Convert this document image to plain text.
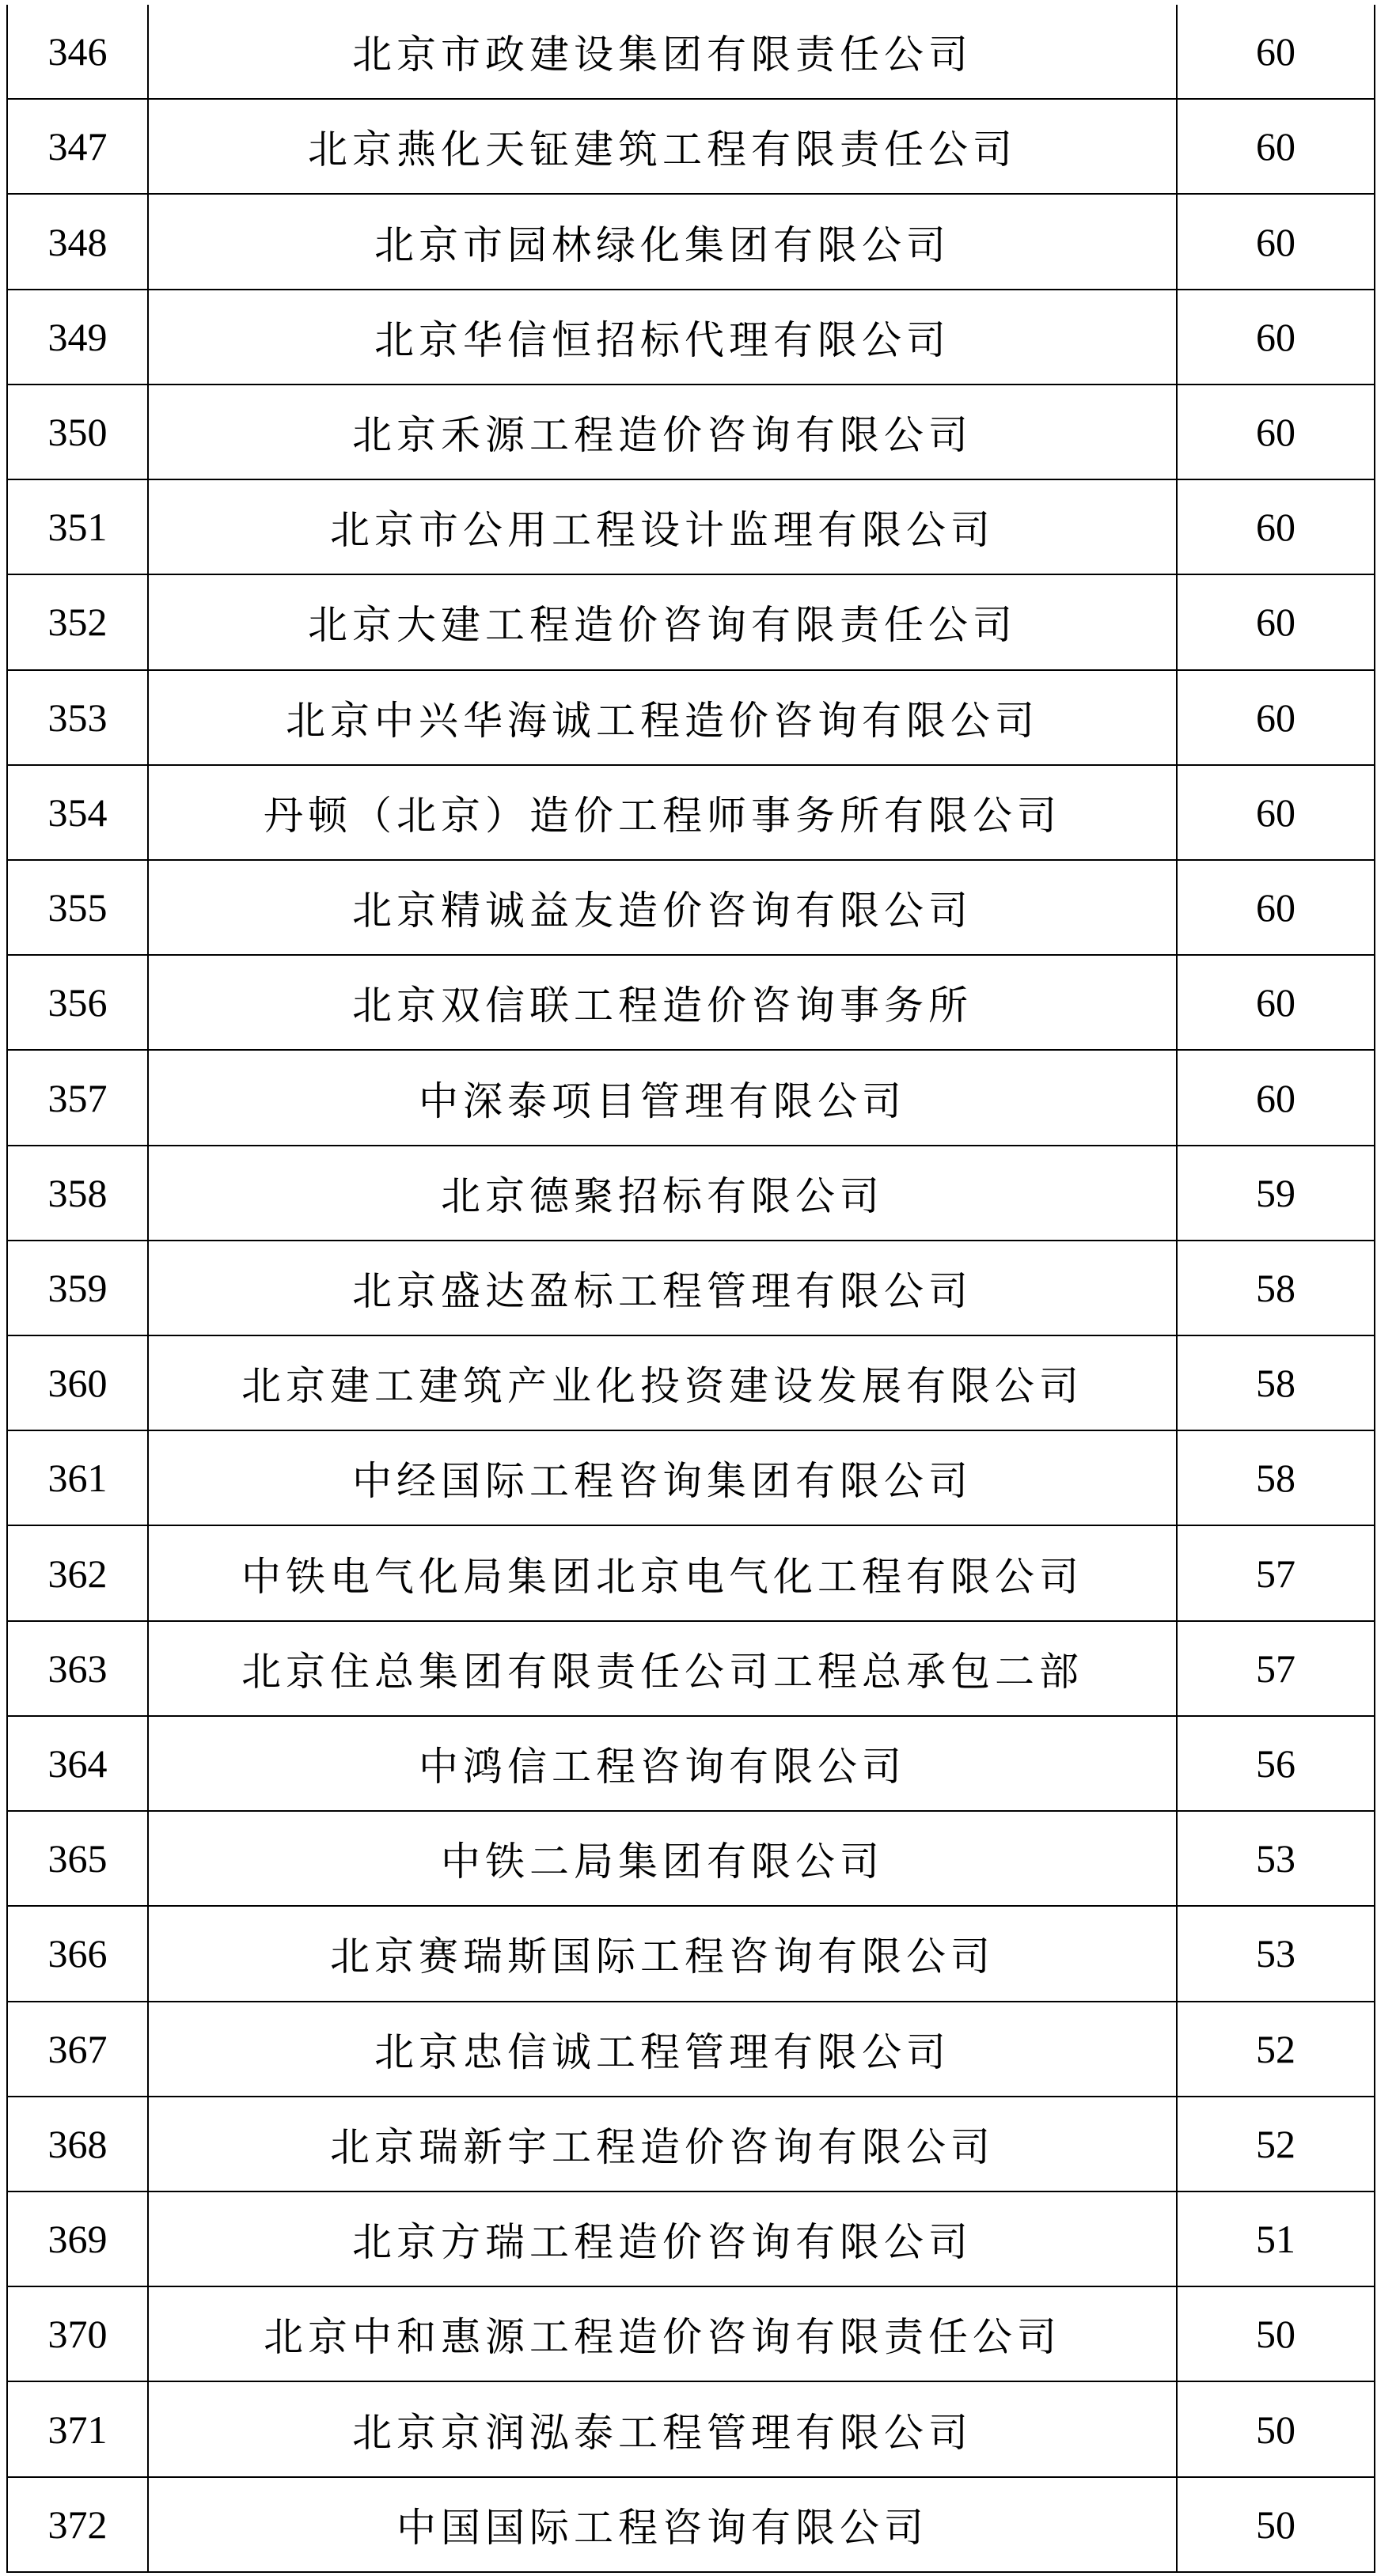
346	北京市政建设集团有限责任公司	60
347	北京燕化天钲建筑工程有限责任公司	60
348	北京市园林绿化集团有限公司	60
349	北京华信恒招标代理有限公司	60
350	北京禾源工程造价咨询有限公司	60
351	北京市公用工程设计监理有限公司	60
352	北京大建工程造价咨询有限责任公司	60
353	北京中兴华海诚工程造价咨询有限公司	60
354	丹顿（北京）造价工程师事务所有限公司	60
355	北京精诚益友造价咨询有限公司	60
356	北京双信联工程造价咨询事务所	60
357	中深泰项目管理有限公司	60
358	北京德聚招标有限公司	59
359	北京盛达盈标工程管理有限公司	58
360	北京建工建筑产业化投资建设发展有限公司	58
361	中经国际工程咨询集团有限公司	58
362	中铁电气化局集团北京电气化工程有限公司	57
363	北京住总集团有限责任公司工程总承包二部	57
364	中鸿信工程咨询有限公司	56
365	中铁二局集团有限公司	53
366	北京赛瑞斯国际工程咨询有限公司	53
367	北京忠信诚工程管理有限公司	52
368	北京瑞新宇工程造价咨询有限公司	52
369	北京方瑞工程造价咨询有限公司	51
370	北京中和惠源工程造价咨询有限责任公司	50
371	北京京润泓泰工程管理有限公司	50
372	中国国际工程咨询有限公司	50
